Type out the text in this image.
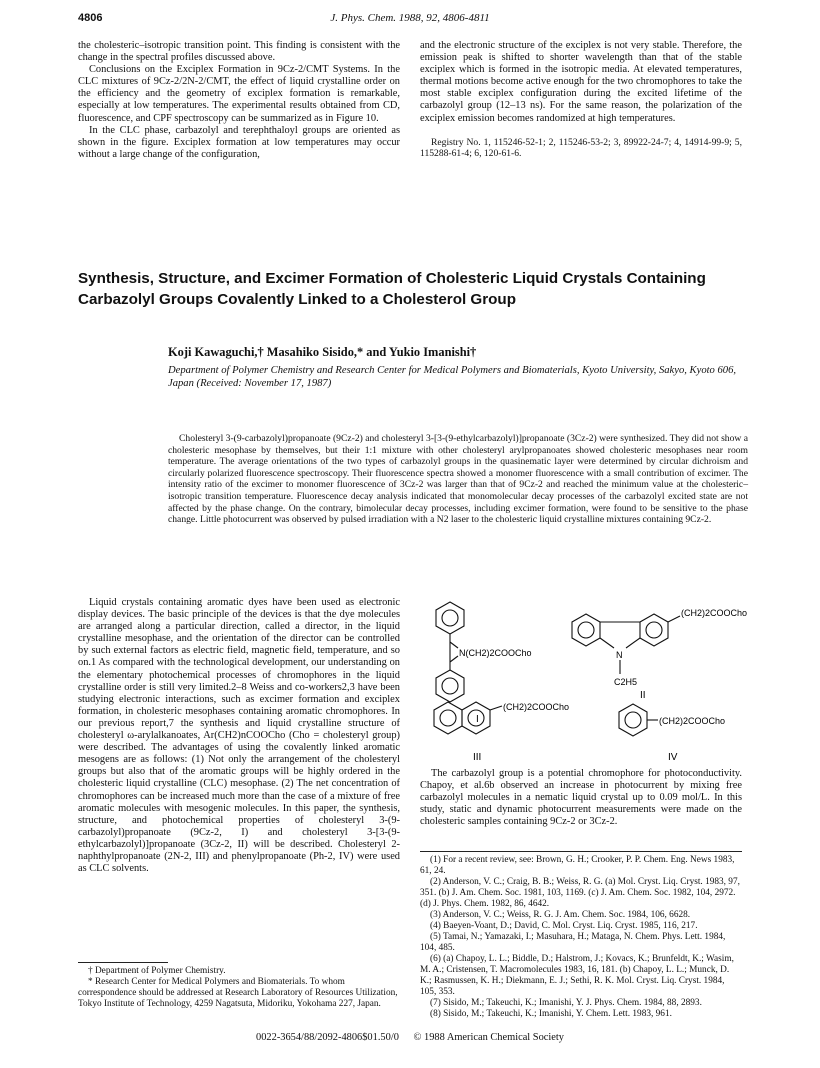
4806	J. Phys. Chem. 1988, 92, 4806-4811

the cholesteric–isotropic transition point. This finding is consistent with the change in the spectral profiles discussed above.

Conclusions on the Exciplex Formation in 9Cz-2/CMT Systems. In the CLC mixtures of 9Cz-2/2N-2/CMT, the effect of liquid crystalline order on the efficiency and the geometry of exciplex formation is remarkable, especially at low temperatures. The experimental results obtained from CD, fluorescence, and CPF spectroscopy can be summarized as in Figure 10.

In the CLC phase, carbazolyl and terephthaloyl groups are oriented as shown in the figure. Exciplex formation at low temperatures may occur without a large change of the configuration,

and the electronic structure of the exciplex is not very stable. Therefore, the emission peak is shifted to shorter wavelength than that of the stable exciplex which is formed in the isotropic media. At elevated temperatures, thermal motions become active enough for the two chromophores to take the most stable exciplex configuration during the excited lifetime of the carbazolyl group (12–13 ns). For the same reason, the polarization of the exciplex emission becomes randomized at high temperatures.

Registry No. 1, 115246-52-1; 2, 115246-53-2; 3, 89922-24-7; 4, 14914-99-9; 5, 115288-61-4; 6, 120-61-6.

Synthesis, Structure, and Excimer Formation of Cholesteric Liquid Crystals Containing
Carbazolyl Groups Covalently Linked to a Cholesterol Group
Koji Kawaguchi,† Masahiko Sisido,* and Yukio Imanishi†
Department of Polymer Chemistry and Research Center for Medical Polymers and Biomaterials, Kyoto University, Sakyo, Kyoto 606, Japan (Received: November 17, 1987)

Cholesteryl 3-(9-carbazolyl)propanoate (9Cz-2) and cholesteryl 3-[3-(9-ethylcarbazolyl)]propanoate (3Cz-2) were synthesized. They did not show a cholesteric mesophase by themselves, but their 1:1 mixture with other cholesteryl arylpropanoates showed cholesteric mesophases near room temperature. The average orientations of the two types of carbazolyl groups in the quasinematic layer were determined by circular dichroism and circularly polarized fluorescence spectroscopy. Their fluorescence spectra showed a monomer fluorescence with a small contribution of excimer. The intensity ratio of the excimer to monomer fluorescence of 3Cz-2 was larger than that of 9Cz-2 and reached the minimum value at the cholesteric–isotropic transition temperature. Fluorescence decay analysis indicated that monomolecular decay processes of the carbazolyl excited state are not affected by the phase change. On the contrary, bimolecular decay processes, including excimer formation, were found to be sensitive to the phase change. Little photocurrent was observed by pulsed irradiation with a N2 laser to the cholesteric liquid crystalline mixtures containing 9Cz-2.

Liquid crystals containing aromatic dyes have been used as electronic display devices. The basic principle of the devices is that the dye molecules are arranged along a particular direction, called a director, in the liquid crystalline mesophase, and the orientation of the director can be controlled by such external factors as electric field, magnetic field, temperature, and so on.1 As compared with the technological development, our understanding on the elementary photochemical processes of chromophores in the liquid crystalline order is still very limited.2–8 Weiss and co-workers2,3 have been studying electronic interactions, such as excimer formation and exciplex formation, in cholesteric mesophases containing aromatic chromophores. In our previous report,7 the synthesis and liquid crystalline structure of cholesteryl ω-arylalkanoates, Ar(CH2)nCOOCho (Cho = cholesteryl group) were described. The advantages of using the covalently linked aromatic mesogens are as follows: (1) Not only the arrangement of the cholesteryl groups but also that of the aromatic groups will be highly ordered in the cholesteric liquid crystalline (CLC) mesophase. (2) The net concentration of chromophores can be increased much more than the case of a mixture of free aromatic molecules with mesogenic molecules. In this paper, the synthesis, structure, and photochemical properties of cholesteryl 3-(9-carbazolyl)propanoate (9Cz-2, I) and cholesteryl 3-[3-(9-ethylcarbazolyl)]propanoate (3Cz-2, II) will be described. Cholesteryl 2-naphthylpropanoate (2N-2, III) and phenylpropanoate (Ph-2, IV) were used as CLC solvents.

† Department of Polymer Chemistry.

* Research Center for Medical Polymers and Biomaterials. To whom correspondence should be addressed at Research Laboratory of Resources Utilization, Tokyo Institute of Technology, 4259 Nagatsuta, Midoriku, Yokohama 227, Japan.

N(CH2)2COOCho
I
(CH2)2COOCho
N
C2H5
II
(CH2)2COOCho
III
(CH2)2COOCho
IV

The carbazolyl group is a potential chromophore for photoconductivity. Chapoy, et al.6b observed an increase in photocurrent by mixing free carbazolyl molecules in a nematic liquid crystal up to 0.09 mol/L. In this study, static and dynamic photocurrent measurements were made on the cholesteric samples containing 9Cz-2 or 3Cz-2.

(1) For a recent review, see: Brown, G. H.; Crooker, P. P. Chem. Eng. News 1983, 61, 24.

(2) Anderson, V. C.; Craig, B. B.; Weiss, R. G. (a) Mol. Cryst. Liq. Cryst. 1983, 97, 351. (b) J. Am. Chem. Soc. 1981, 103, 1169. (c) J. Am. Chem. Soc. 1982, 104, 2972. (d) J. Phys. Chem. 1982, 86, 4642.

(3) Anderson, V. C.; Weiss, R. G. J. Am. Chem. Soc. 1984, 106, 6628.

(4) Baeyen-Voant, D.; David, C. Mol. Cryst. Liq. Cryst. 1985, 116, 217.

(5) Tamai, N.; Yamazaki, I.; Masuhara, H.; Mataga, N. Chem. Phys. Lett. 1984, 104, 485.

(6) (a) Chapoy, L. L.; Biddle, D.; Halstrom, J.; Kovacs, K.; Brunfeldt, K.; Wasim, M. A.; Cristensen, T. Macromolecules 1983, 16, 181. (b) Chapoy, L. L.; Munck, D. K.; Rasmussen, K. H.; Diekmann, E. J.; Sethi, R. K. Mol. Cryst. Liq. Cryst. 1984, 105, 353.

(7) Sisido, M.; Takeuchi, K.; Imanishi, Y. J. Phys. Chem. 1984, 88, 2893.

(8) Sisido, M.; Takeuchi, K.; Imanishi, Y. Chem. Lett. 1983, 961.

0022-3654/88/2092-4806$01.50/0 © 1988 American Chemical Society
